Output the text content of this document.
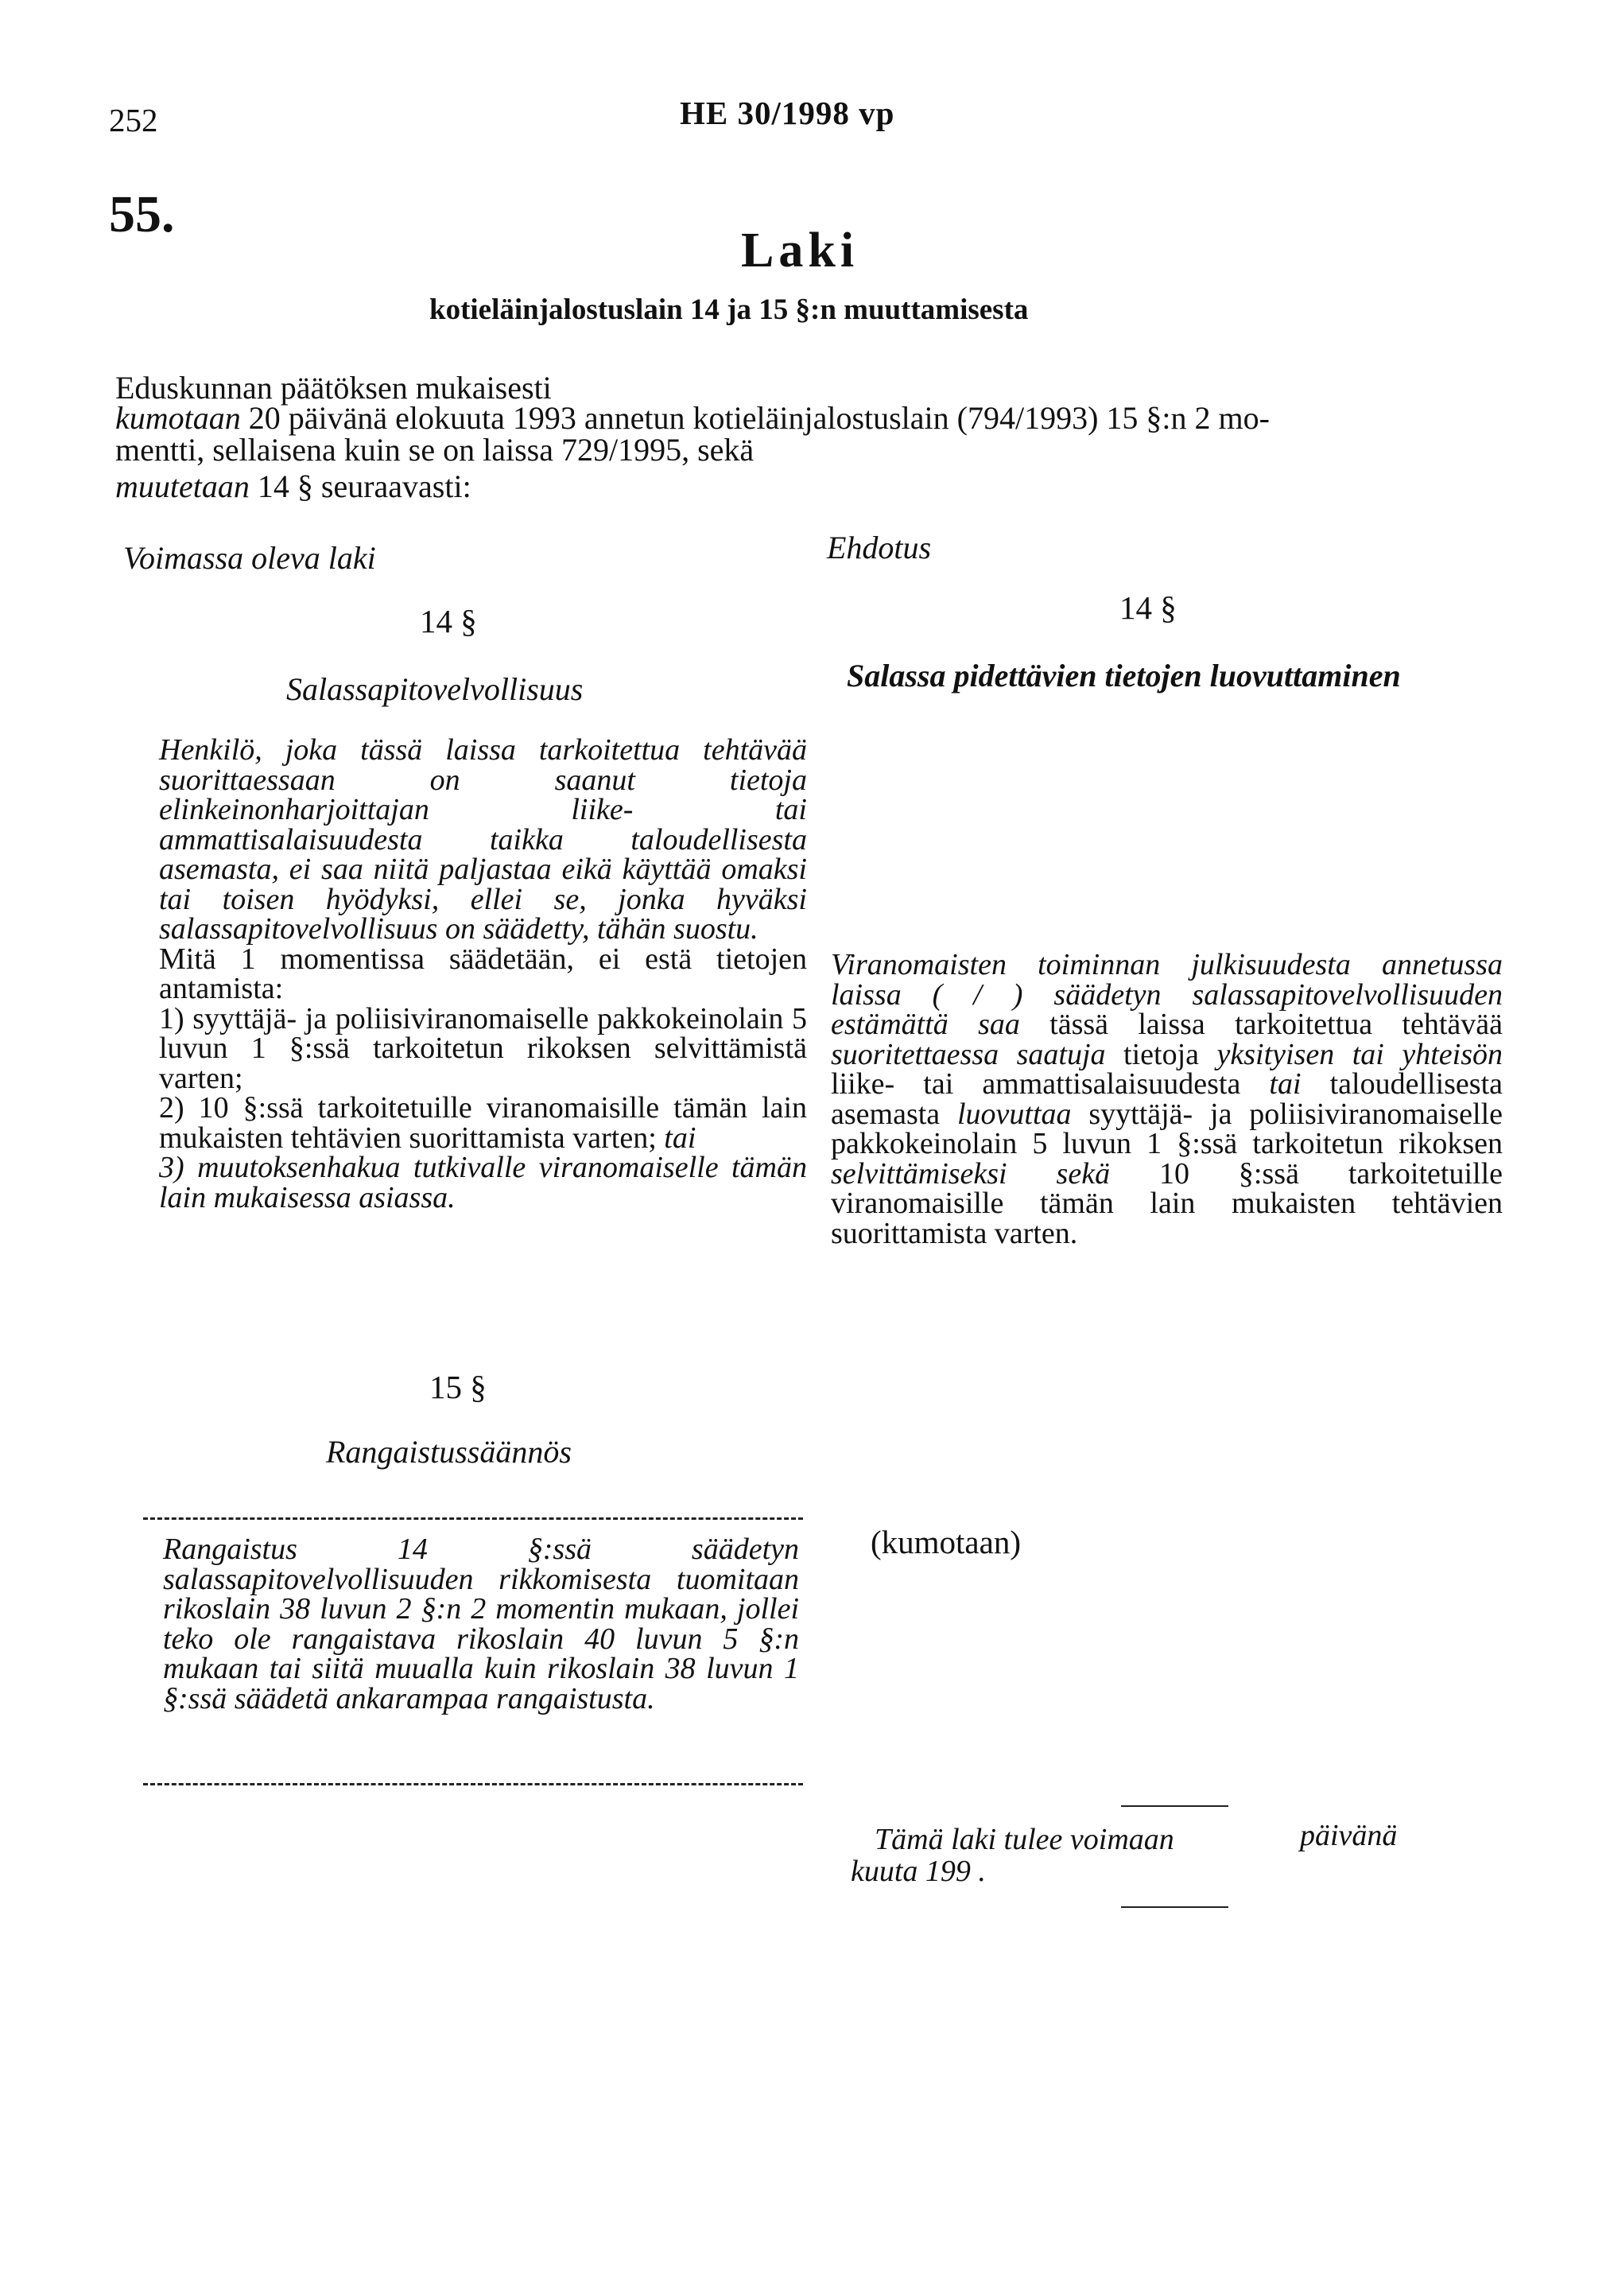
252	HE 30/1998 vp
55.
Laki
kotieläinjalostuslain 14 ja 15 §:n muuttamisesta
Eduskunnan päätöksen mukaisesti
kumotaan 20 päivänä elokuuta 1993 annetun kotieläinjalostuslain (794/1993) 15 §:n 2 mo-
mentti, sellaisena kuin se on laissa 729/1995, sekä
muutetaan 14 § seuraavasti:
Voimassa oleva laki	Ehdotus
14 §	14 §
Salassapitovelvollisuus	Salassa pidettävien tietojen luovuttaminen

Henkilö, joka tässä laissa tarkoitettua tehtävää suorittaessaan on saanut tietoja elinkeinonharjoittajan liike- tai ammattisalaisuudesta taikka taloudellisesta asemasta, ei saa niitä paljastaa eikä käyttää omaksi tai toisen hyödyksi, ellei se, jonka hyväksi salassapitovelvollisuus on säädetty, tähän suostu.

Mitä 1 momentissa säädetään, ei estä tietojen antamista:

1) syyttäjä- ja poliisiviranomaiselle pakkokeinolain 5 luvun 1 §:ssä tarkoitetun rikoksen selvittämistä varten;

2) 10 §:ssä tarkoitetuille viranomaisille tämän lain mukaisten tehtävien suorittamista varten; tai

3) muutoksenhakua tutkivalle viranomaiselle tämän lain mukaisessa asiassa.

Viranomaisten toiminnan julkisuudesta annetussa laissa ( / ) säädetyn salassapitovelvollisuuden estämättä saa tässä laissa tarkoitettua tehtävää suoritettaessa saatuja tietoja yksityisen tai yhteisön liike- tai ammattisalaisuudesta tai taloudellisesta asemasta luovuttaa syyttäjä- ja poliisiviranomaiselle pakkokeinolain 5 luvun 1 §:ssä tarkoitetun rikoksen selvittämiseksi sekä 10 §:ssä tarkoitetuille viranomaisille tämän lain mukaisten tehtävien suorittamista varten.

15 §
Rangaistussäännös

Rangaistus 14 §:ssä säädetyn salassapitovelvollisuuden rikkomisesta tuomitaan rikoslain 38 luvun 2 §:n 2 momentin mukaan, jollei teko ole rangaistava rikoslain 40 luvun 5 §:n mukaan tai siitä muualla kuin rikoslain 38 luvun 1 §:ssä säädetä ankarampaa rangaistusta.

(kumotaan)
Tämä laki tulee voimaan	päivänä
kuuta 199 .
